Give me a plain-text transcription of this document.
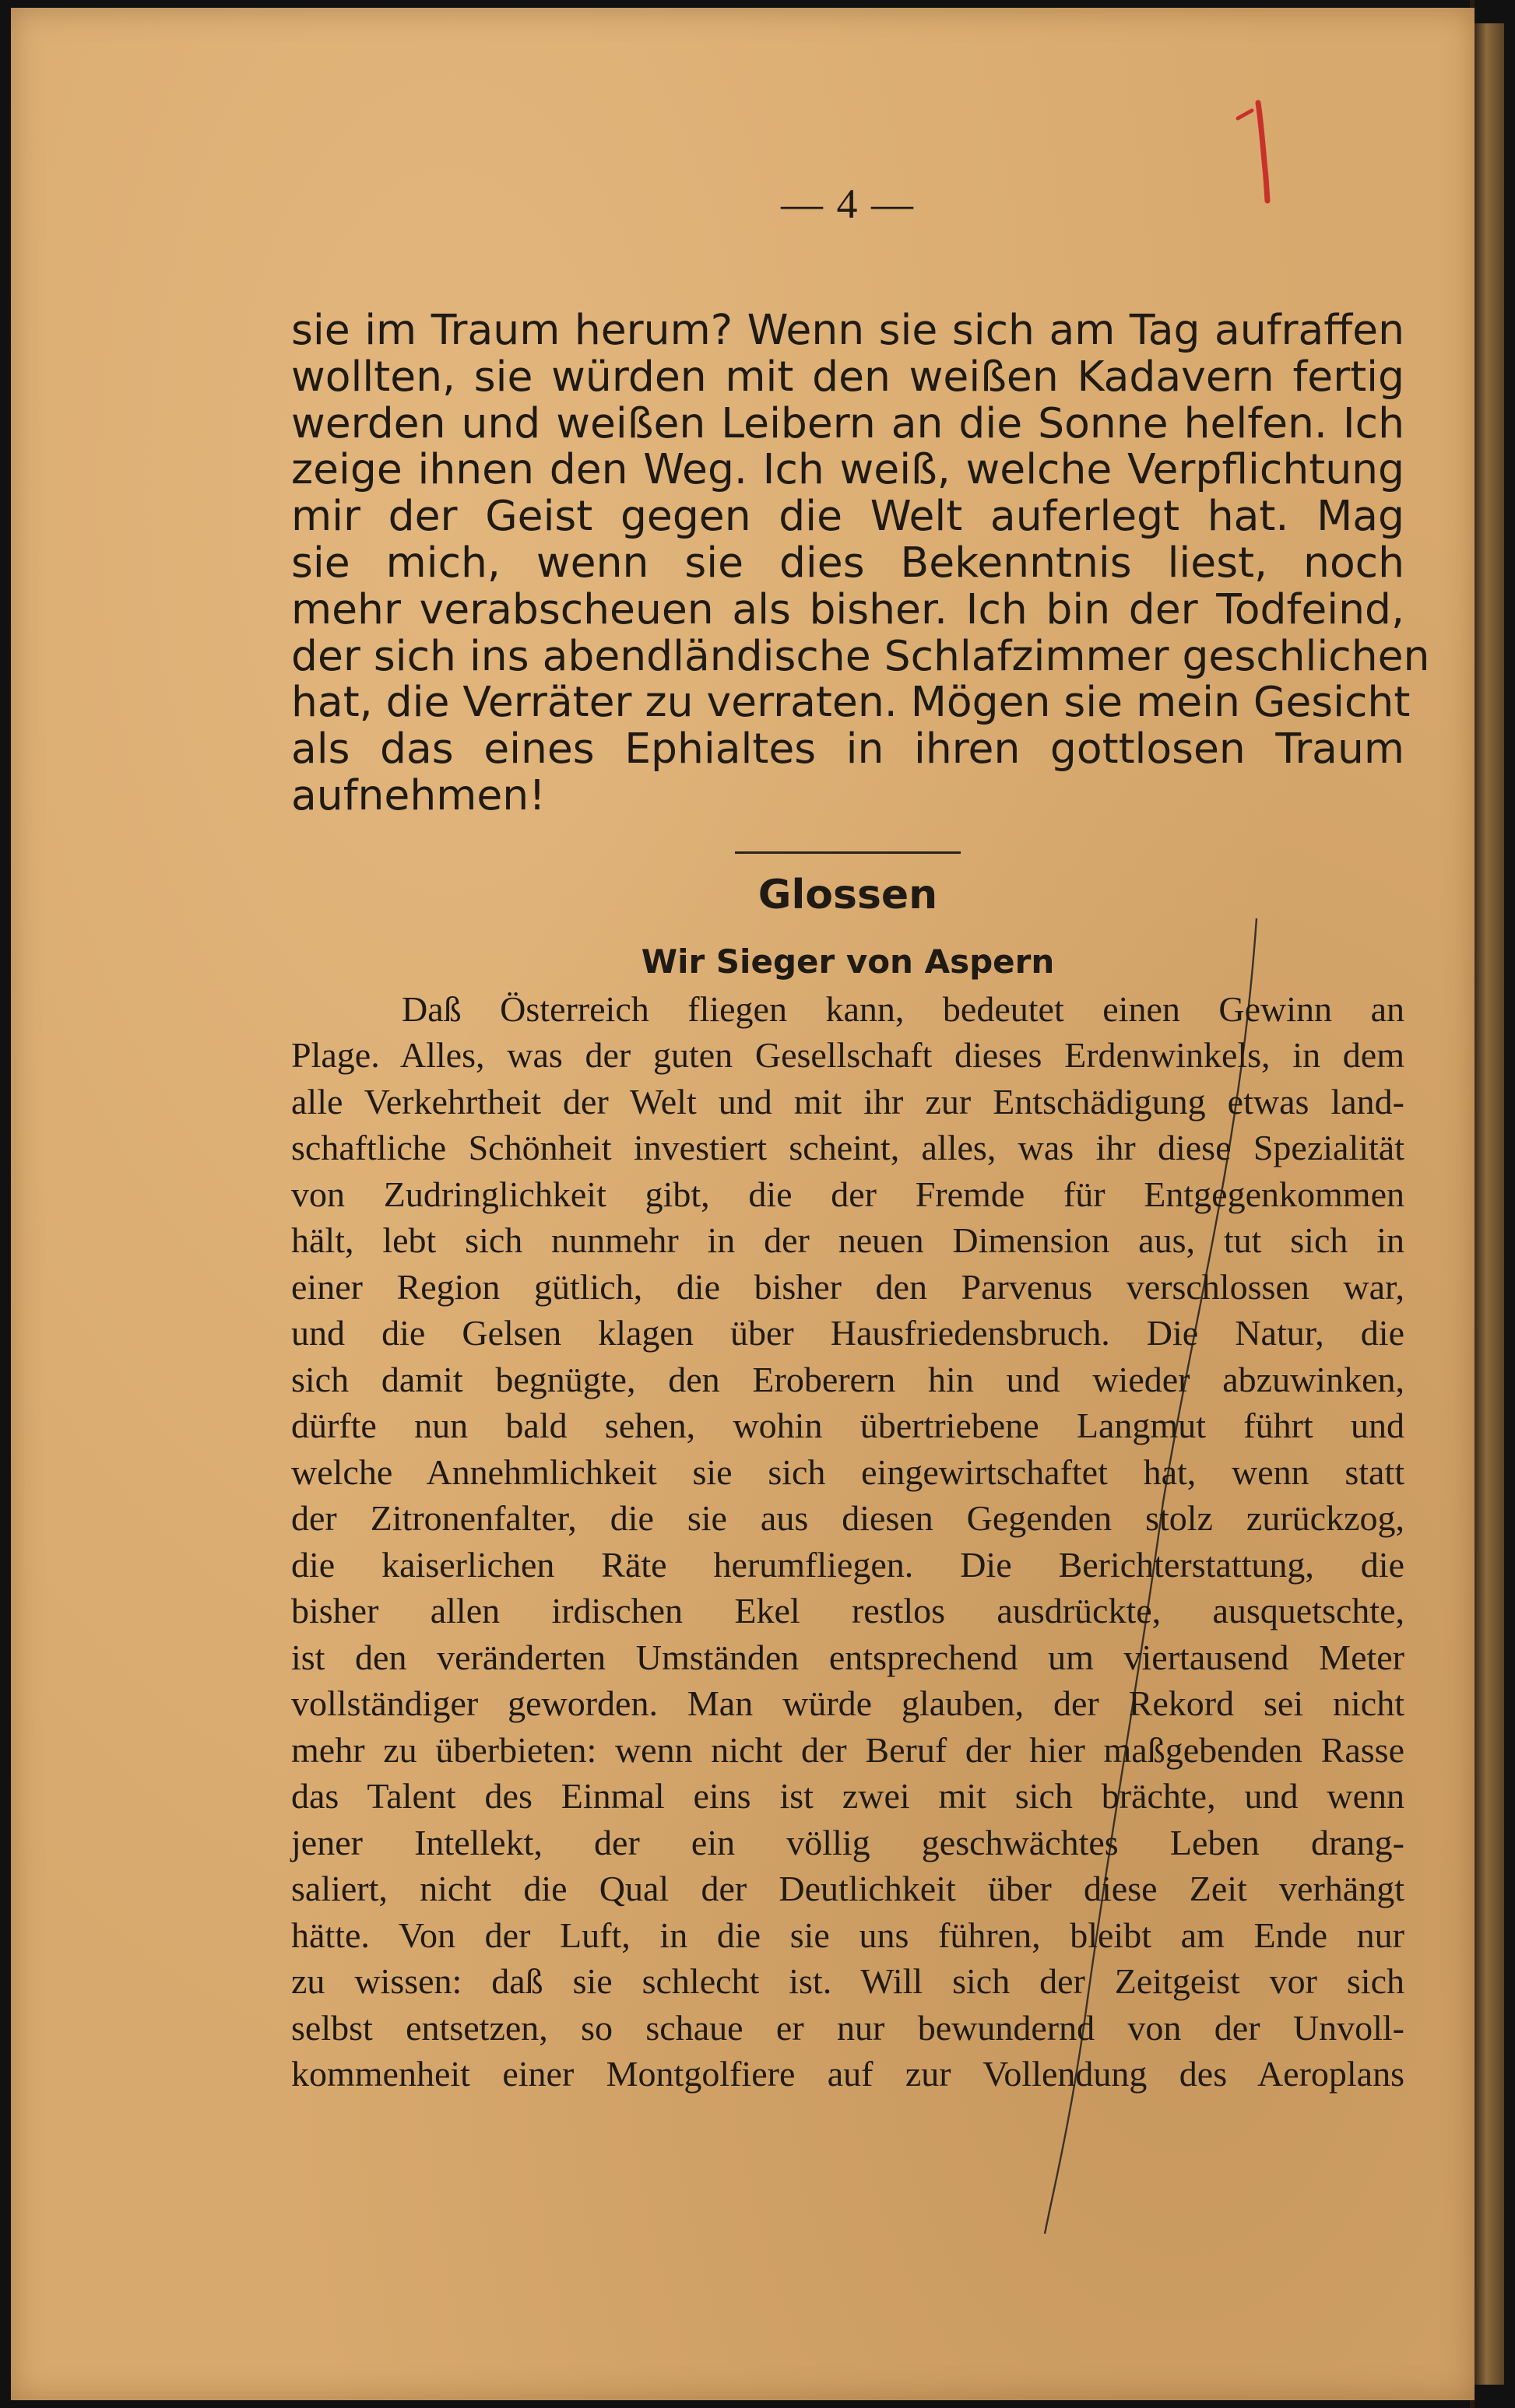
— 4 —
sie im Traum herum? Wenn sie sich am Tag aufraffen
wollten, sie würden mit den weißen Kadavern fertig
werden und weißen Leibern an die Sonne helfen. Ich
zeige ihnen den Weg. Ich weiß, welche Verpflichtung
mir der Geist gegen die Welt auferlegt hat. Mag
sie mich, wenn sie dies Bekenntnis liest, noch
mehr verabscheuen als bisher. Ich bin der Todfeind,
der sich ins abendländische Schlafzimmer geschlichen
hat, die Verräter zu verraten. Mögen sie mein Gesicht
als das eines Ephialtes in ihren gottlosen Traum
aufnehmen!
Glossen
Wir Sieger von Aspern
Daß Österreich fliegen kann, bedeutet einen Gewinn an
Plage. Alles, was der guten Gesellschaft dieses Erdenwinkels, in dem
alle Verkehrtheit der Welt und mit ihr zur Entschädigung etwas land-
schaftliche Schönheit investiert scheint, alles, was ihr diese Spezialität
von Zudringlichkeit gibt, die der Fremde für Entgegenkommen
hält, lebt sich nunmehr in der neuen Dimension aus, tut sich in
einer Region gütlich, die bisher den Parvenus verschlossen war,
und die Gelsen klagen über Hausfriedensbruch. Die Natur, die
sich damit begnügte, den Eroberern hin und wieder abzuwinken,
dürfte nun bald sehen, wohin übertriebene Langmut führt und
welche Annehmlichkeit sie sich eingewirtschaftet hat, wenn statt
der Zitronenfalter, die sie aus diesen Gegenden stolz zurückzog,
die kaiserlichen Räte herumfliegen. Die Berichterstattung, die
bisher allen irdischen Ekel restlos ausdrückte, ausquetschte,
ist den veränderten Umständen entsprechend um viertausend Meter
vollständiger geworden. Man würde glauben, der Rekord sei nicht
mehr zu überbieten: wenn nicht der Beruf der hier maßgebenden Rasse
das Talent des Einmal eins ist zwei mit sich brächte, und wenn
jener Intellekt, der ein völlig geschwächtes Leben drang-
saliert, nicht die Qual der Deutlichkeit über diese Zeit verhängt
hätte. Von der Luft, in die sie uns führen, bleibt am Ende nur
zu wissen: daß sie schlecht ist. Will sich der Zeitgeist vor sich
selbst entsetzen, so schaue er nur bewundernd von der Unvoll-
kommenheit einer Montgolfiere auf zur Vollendung des Aeroplans
